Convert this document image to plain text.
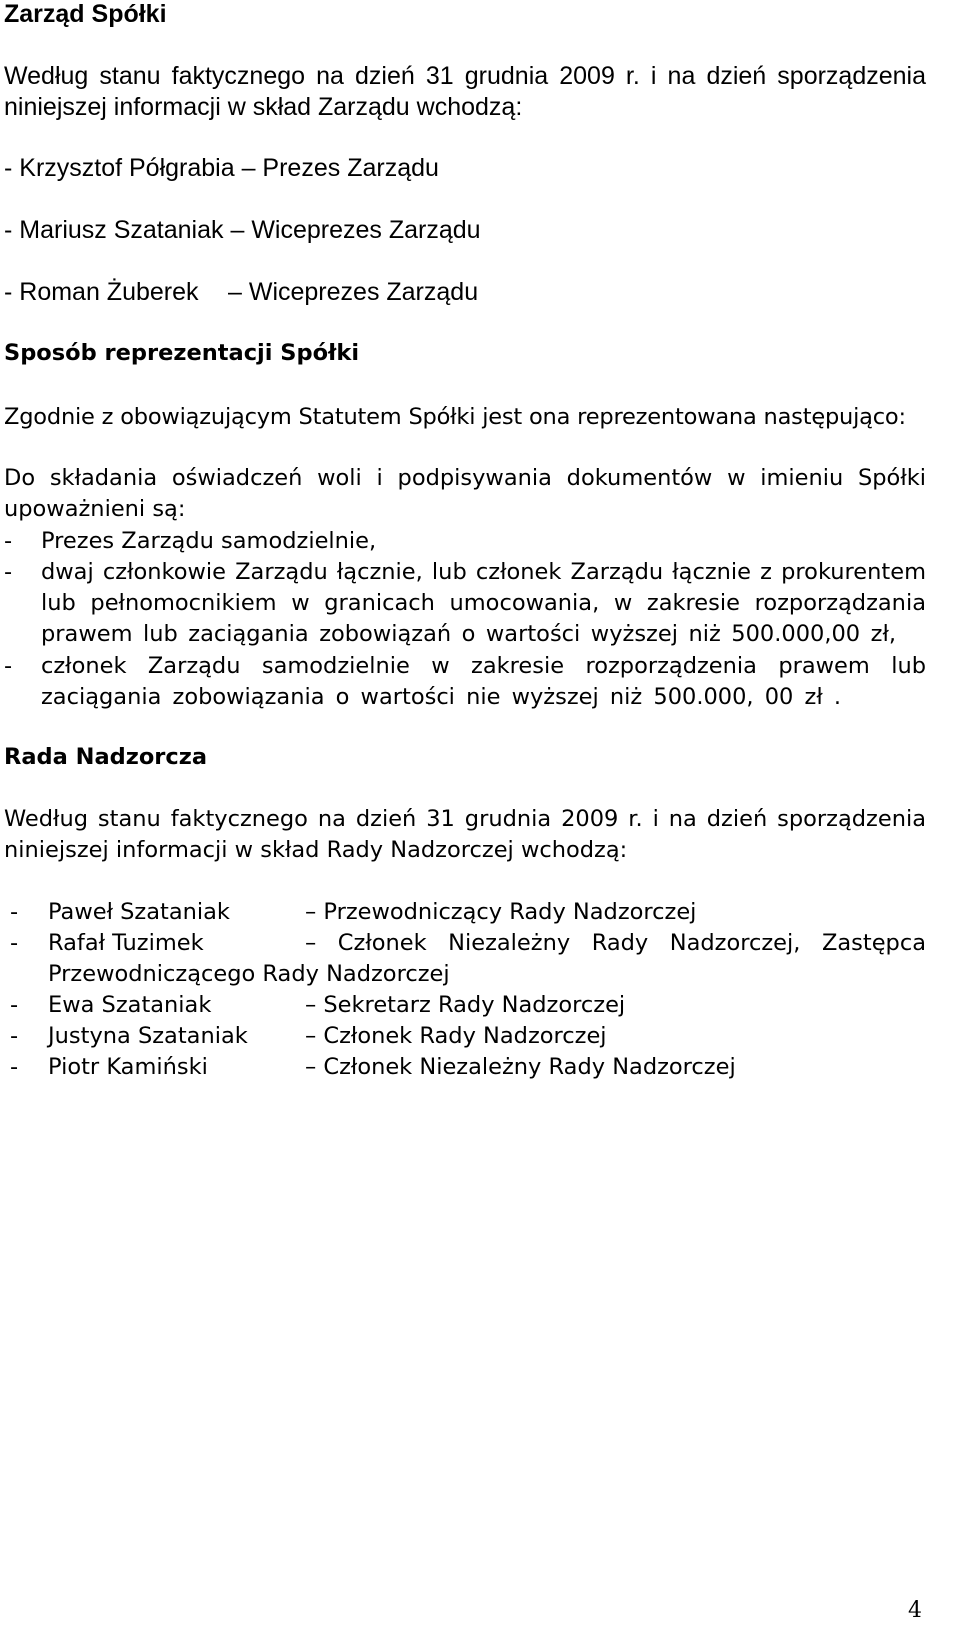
Zarząd Spółki
Według stanu faktycznego na dzień 31 grudnia 2009 r. i na dzień sporządzenia
niniejszej informacji w skład Zarządu wchodzą:
- Krzysztof Półgrabia – Prezes Zarządu
- Mariusz Szataniak – Wiceprezes Zarządu
- Roman Żuberek – Wiceprezes Zarządu
Sposób reprezentacji Spółki
Zgodnie z obowiązującym Statutem Spółki jest ona reprezentowana następująco:
Do składania oświadczeń woli i podpisywania dokumentów w imieniu Spółki
upoważnieni są:
- Prezes Zarządu samodzielnie,
- dwaj członkowie Zarządu łącznie, lub członek Zarządu łącznie z prokurentem
lub pełnomocnikiem w granicach umocowania, w zakresie rozporządzania
prawem lub zaciągania zobowiązań o wartości wyższej niż 500.000,00 zł,
- członek Zarządu samodzielnie w zakresie rozporządzenia prawem lub
zaciągania zobowiązania o wartości nie wyższej niż 500.000, 00 zł .
Rada Nadzorcza
Według stanu faktycznego na dzień 31 grudnia 2009 r. i na dzień sporządzenia
niniejszej informacji w skład Rady Nadzorczej wchodzą:
- Paweł Szataniak	– Przewodniczący Rady Nadzorczej
- Rafał Tuzimek	– Członek Niezależny Rady Nadzorczej, Zastępca
Przewodniczącego Rady Nadzorczej
- Ewa Szataniak	– Sekretarz Rady Nadzorczej
- Justyna Szataniak	– Członek Rady Nadzorczej
- Piotr Kamiński	– Członek Niezależny Rady Nadzorczej
4
